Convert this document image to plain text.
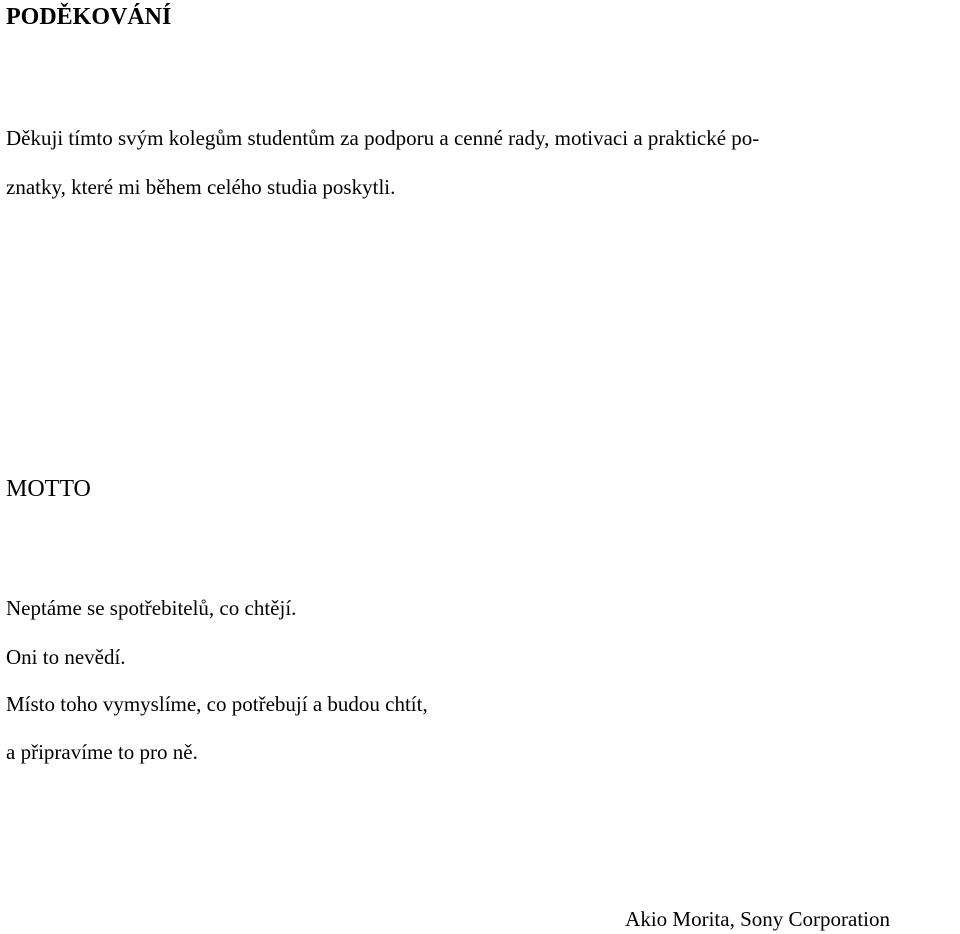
PODĚKOVÁNÍ
Děkuji tímto svým kolegům studentům za podporu a cenné rady, motivaci a praktické po-
znatky, které mi během celého studia poskytli.
MOTTO
Neptáme se spotřebitelů, co chtějí.
Oni to nevědí.
Místo toho vymyslíme, co potřebují a budou chtít,
a připravíme to pro ně.
Akio Morita, Sony Corporation
